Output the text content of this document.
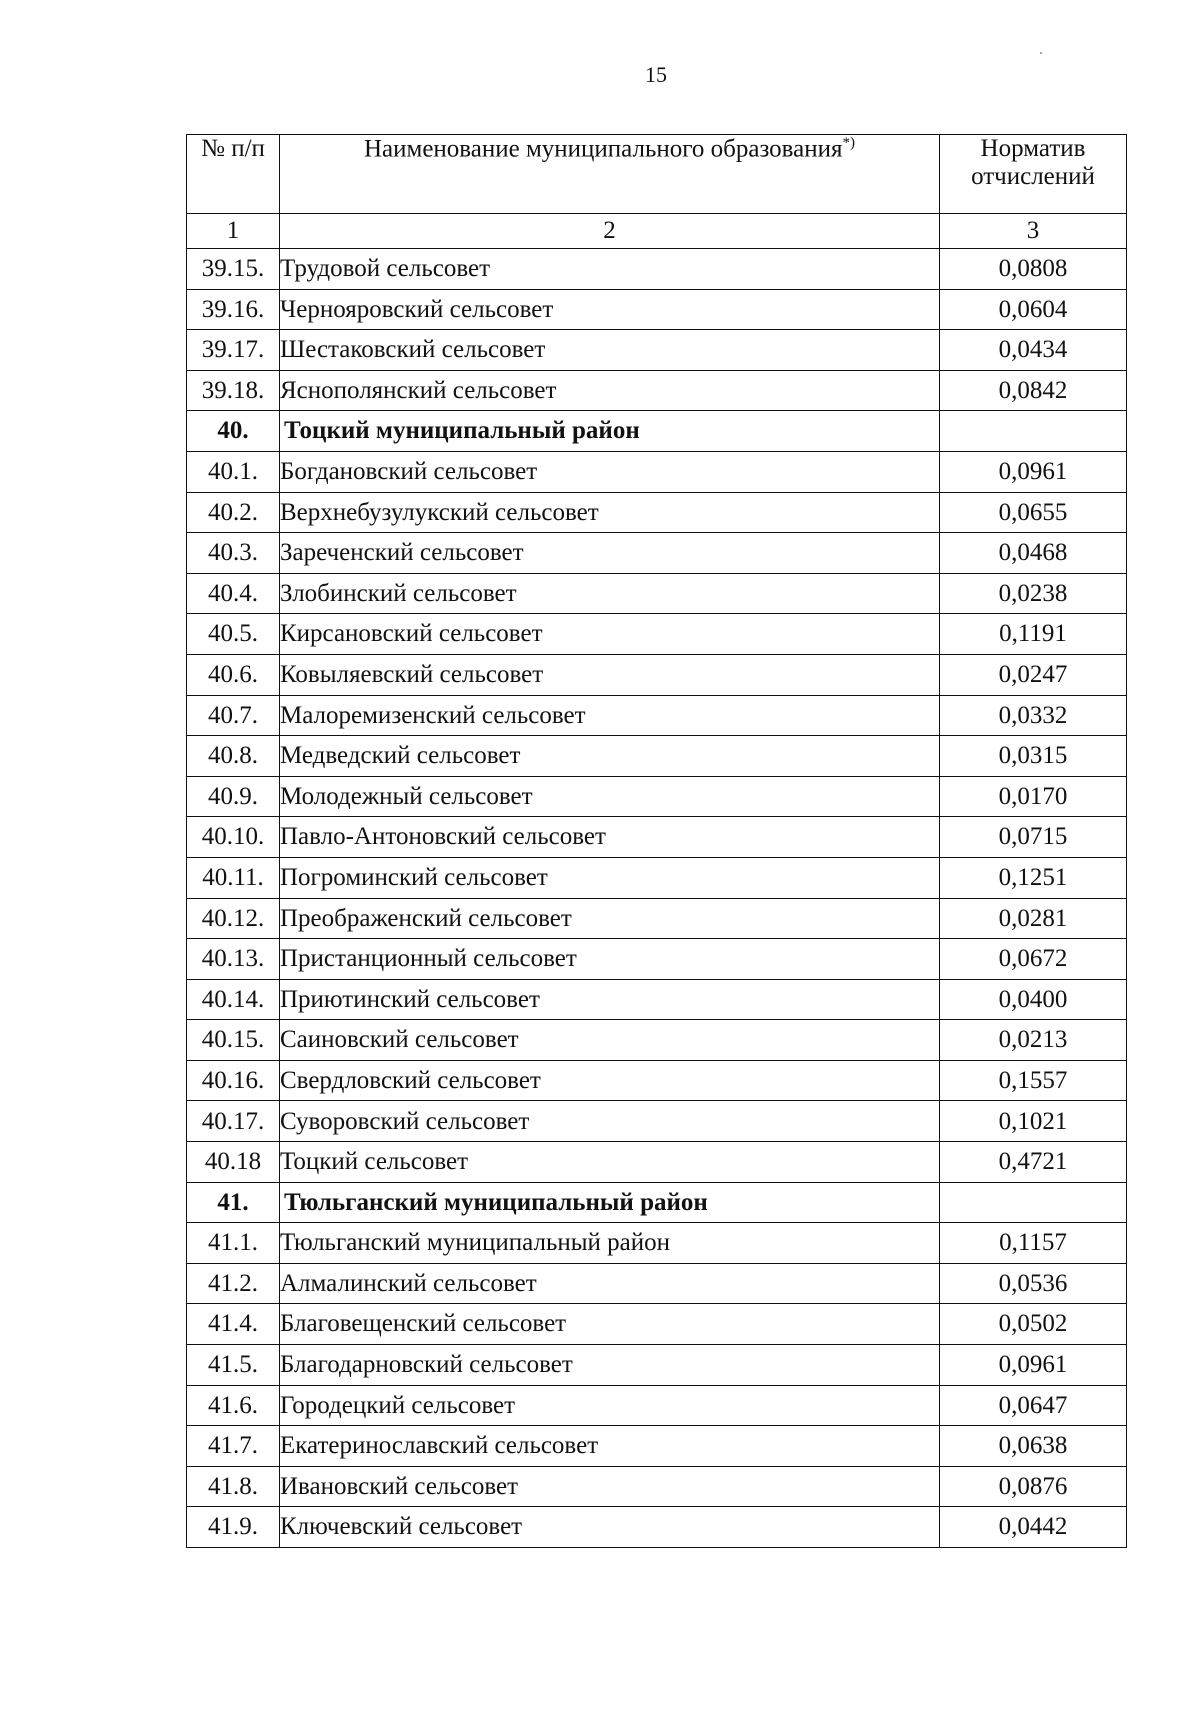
15
№ п/п	Наименование муниципального образования*)	Норматив отчислений
1	2	3
39.15.	Трудовой сельсовет	0,0808
39.16.	Чернояровский сельсовет	0,0604
39.17.	Шестаковский сельсовет	0,0434
39.18.	Яснополянский сельсовет	0,0842
40.	Тоцкий муниципальный район	
40.1.	Богдановский сельсовет	0,0961
40.2.	Верхнебузулукский сельсовет	0,0655
40.3.	Зареченский сельсовет	0,0468
40.4.	Злобинский сельсовет	0,0238
40.5.	Кирсановский сельсовет	0,1191
40.6.	Ковыляевский сельсовет	0,0247
40.7.	Малоремизенский сельсовет	0,0332
40.8.	Медведский сельсовет	0,0315
40.9.	Молодежный сельсовет	0,0170
40.10.	Павло-Антоновский сельсовет	0,0715
40.11.	Погроминский сельсовет	0,1251
40.12.	Преображенский сельсовет	0,0281
40.13.	Пристанционный сельсовет	0,0672
40.14.	Приютинский сельсовет	0,0400
40.15.	Саиновский сельсовет	0,0213
40.16.	Свердловский сельсовет	0,1557
40.17.	Суворовский сельсовет	0,1021
40.18	Тоцкий сельсовет	0,4721
41.	Тюльганский муниципальный район	
41.1.	Тюльганский муниципальный район	0,1157
41.2.	Алмалинский сельсовет	0,0536
41.4.	Благовещенский сельсовет	0,0502
41.5.	Благодарновский сельсовет	0,0961
41.6.	Городецкий сельсовет	0,0647
41.7.	Екатеринославский сельсовет	0,0638
41.8.	Ивановский сельсовет	0,0876
41.9.	Ключевский сельсовет	0,0442
